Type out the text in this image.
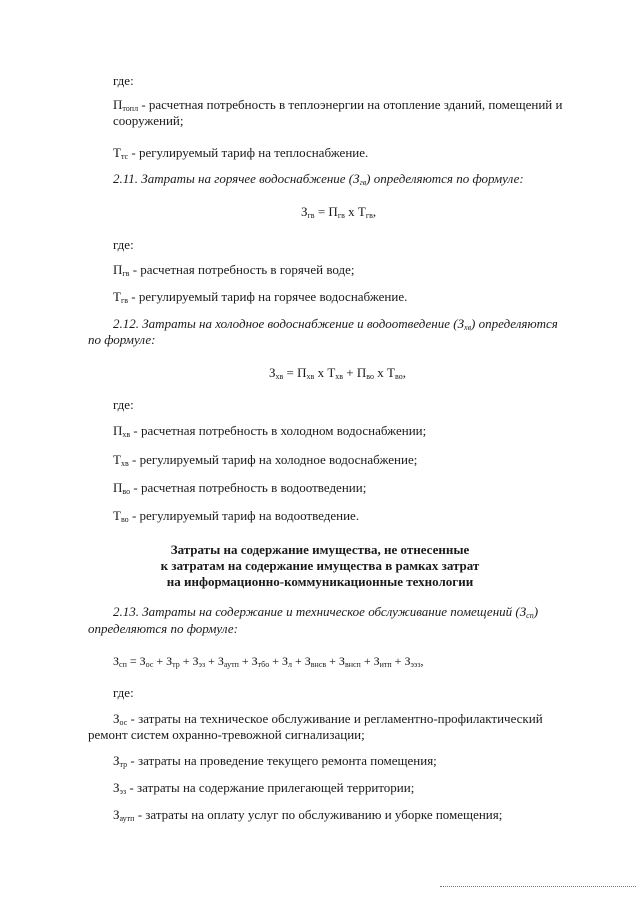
где:
$П_{топл}$ - расчетная потребность в теплоэнергии на отопление зданий, помещений и
сооружений;
$Т_{тс}$ - регулируемый тариф на теплоснабжение.
2.11. Затраты на горячее водоснабжение $(З_{гв})$ определяются по формуле:
$З_{гв} = П_{гв}$ х $Т_{гв}$,
где:
$П_{гв}$ - расчетная потребность в горячей воде;
$Т_{гв}$ - регулируемый тариф на горячее водоснабжение.
2.12. Затраты на холодное водоснабжение и водоотведение $(З_{хв})$ определяются
по формуле:
$З_{хв} = П_{хв}$ х $Т_{хв} + П_{во}$ х $Т_{во}$,
где:
$П_{хв}$ - расчетная потребность в холодном водоснабжении;
$Т_{хв}$ - регулируемый тариф на холодное водоснабжение;
$П_{во}$ - расчетная потребность в водоотведении;
$Т_{во}$ - регулируемый тариф на водоотведение.
Затраты на содержание имущества, не отнесенные
к затратам на содержание имущества в рамках затрат
на информационно-коммуникационные технологии
2.13. Затраты на содержание и техническое обслуживание помещений $(З_{сп})$
определяются по формуле:
$З_{сп} = З_{ос} + З_{тр} + З_{эз} + З_{аутп} + З_{тбо} + З_л + З_{внсв} + З_{внсп} + З_{итп} + З_{ээз}$,
где:
$З_{ос}$ - затраты на техническое обслуживание и регламентно-профилактический
ремонт систем охранно-тревожной сигнализации;
$З_{тр}$ - затраты на проведение текущего ремонта помещения;
$З_{эз}$ - затраты на содержание прилегающей территории;
$З_{аутп}$ - затраты на оплату услуг по обслуживанию и уборке помещения;
